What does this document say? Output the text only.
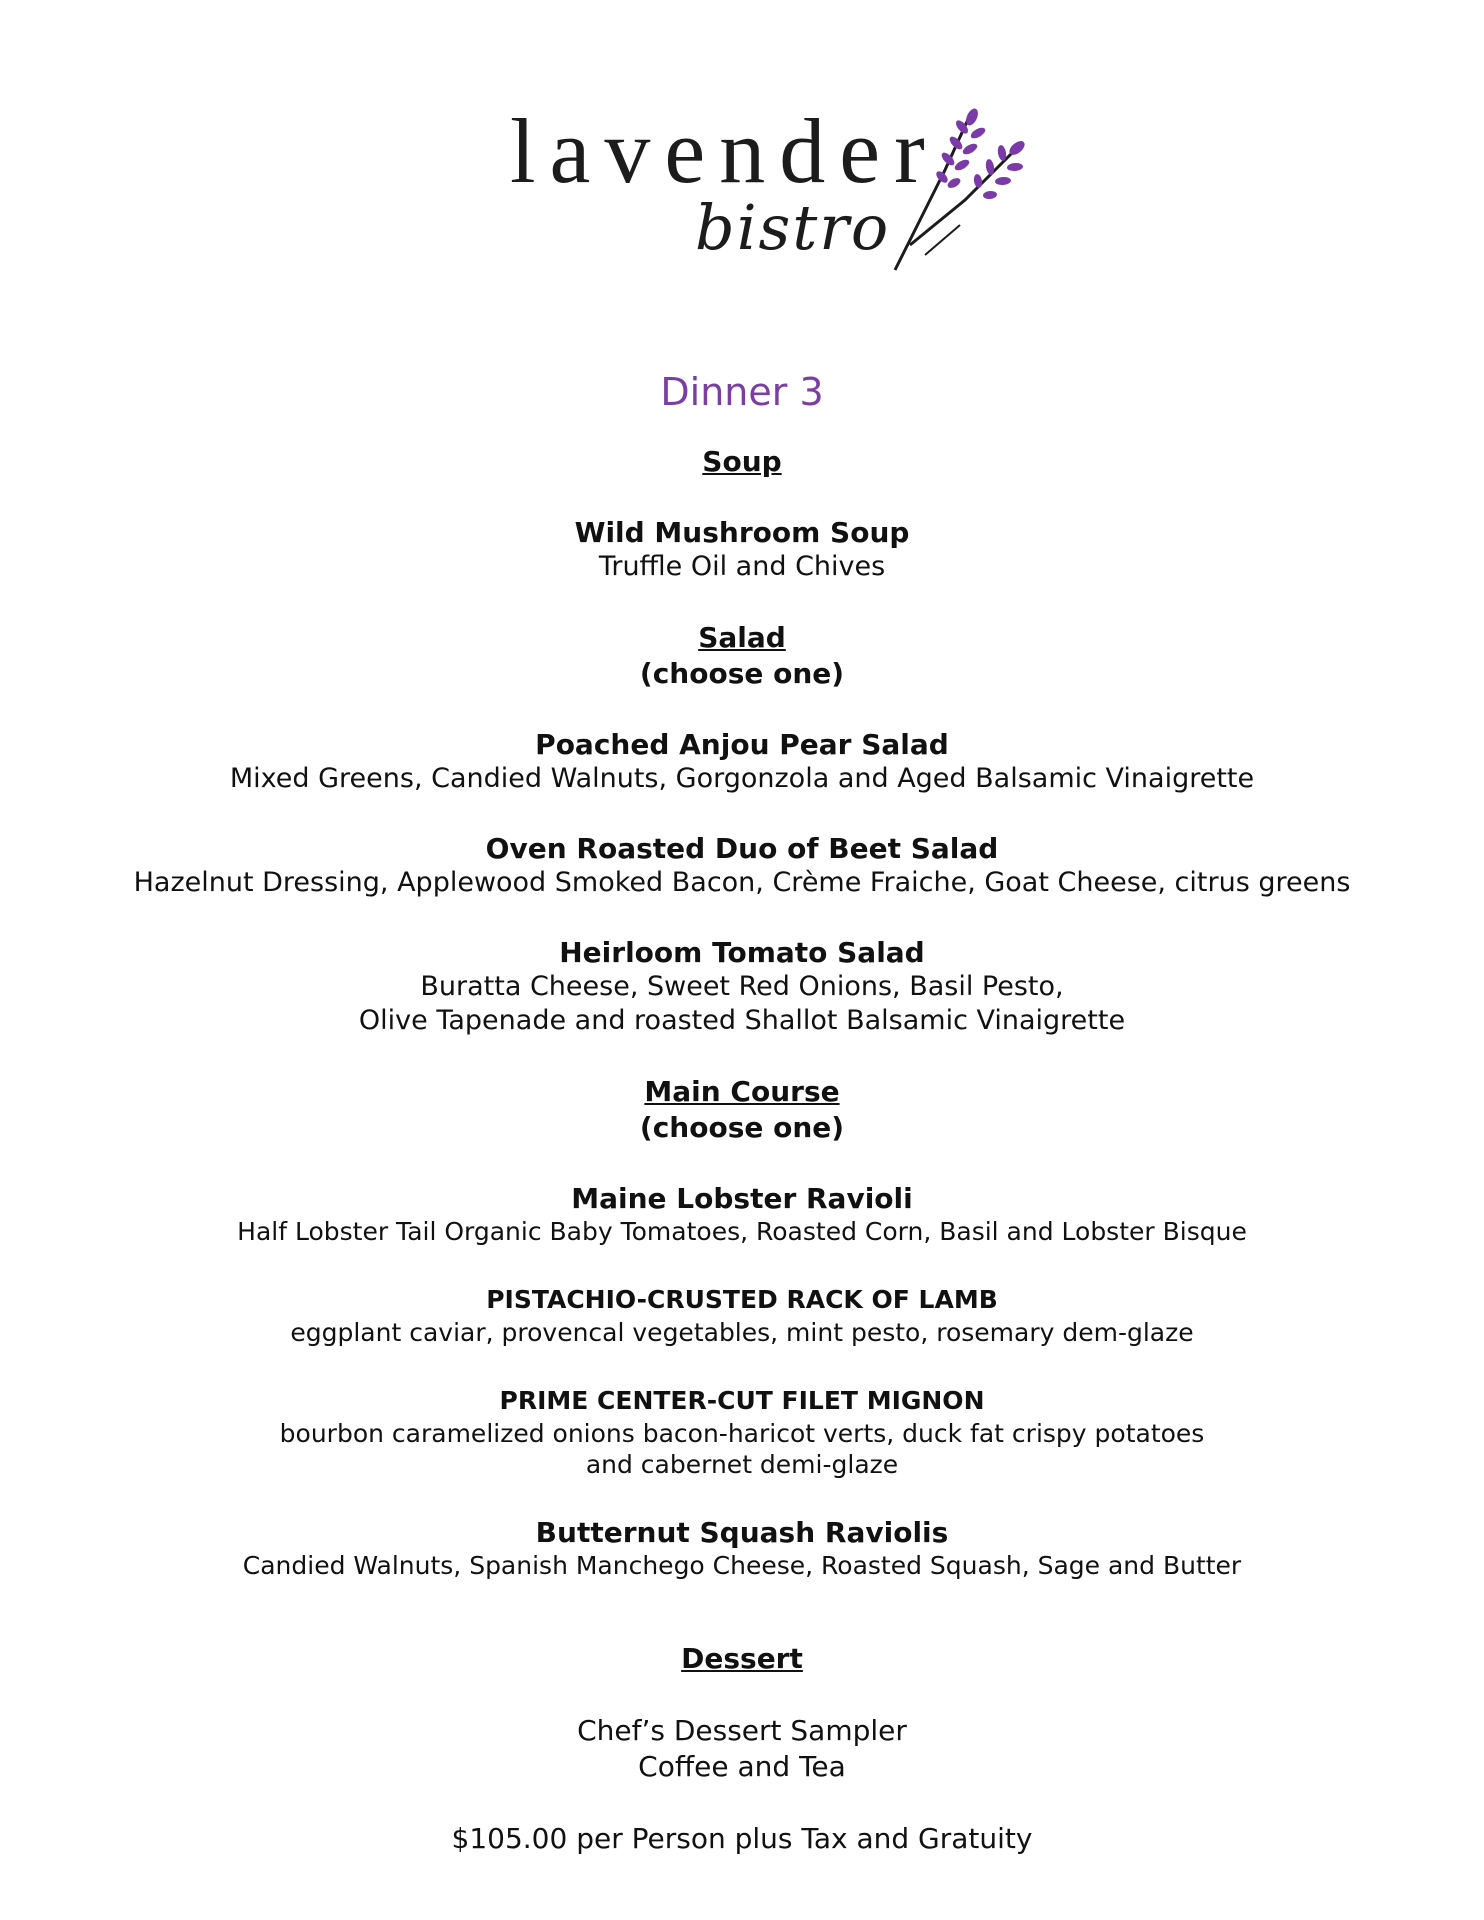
lavender
bistro
Dinner 3
Soup
Wild Mushroom Soup
Truffle Oil and Chives
Salad
(choose one)
Poached Anjou Pear Salad
Mixed Greens, Candied Walnuts, Gorgonzola and Aged Balsamic Vinaigrette
Oven Roasted Duo of Beet Salad
Hazelnut Dressing, Applewood Smoked Bacon, Crème Fraiche, Goat Cheese, citrus greens
Heirloom Tomato Salad
Buratta Cheese, Sweet Red Onions, Basil Pesto,
Olive Tapenade and roasted Shallot Balsamic Vinaigrette
Main Course
(choose one)
Maine Lobster Ravioli
Half Lobster Tail Organic Baby Tomatoes, Roasted Corn, Basil and Lobster Bisque
PISTACHIO-CRUSTED RACK OF LAMB
eggplant caviar, provencal vegetables, mint pesto, rosemary dem-glaze
PRIME CENTER-CUT FILET MIGNON
bourbon caramelized onions bacon-haricot verts, duck fat crispy potatoes
and cabernet demi-glaze
Butternut Squash Raviolis
Candied Walnuts, Spanish Manchego Cheese, Roasted Squash, Sage and Butter
Dessert
Chef’s Dessert Sampler
Coffee and Tea
$105.00 per Person plus Tax and Gratuity
